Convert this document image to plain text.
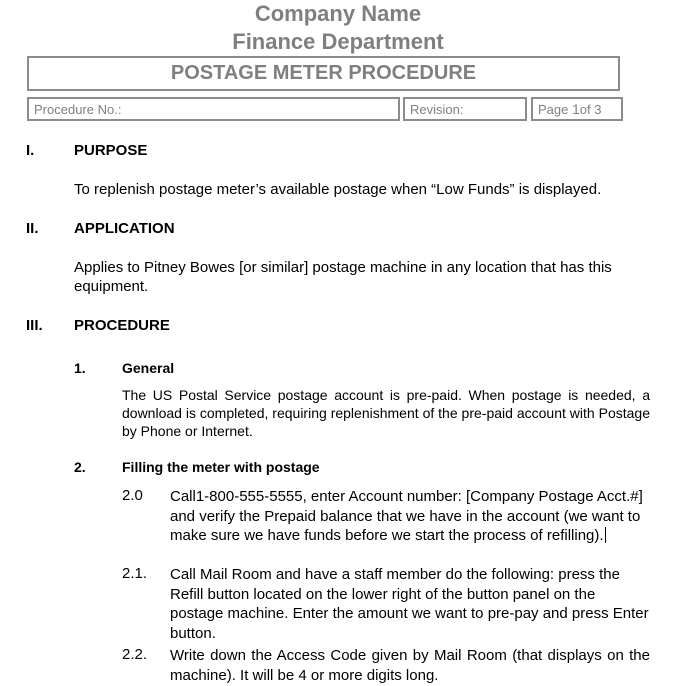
Company Name
Finance Department
POSTAGE METER PROCEDURE
Procedure No.:	Revision:	Page
1 of 3
I.	PURPOSE
To replenish postage meter’s available postage when “Low Funds” is displayed.
II. APPLICATION
Applies to Pitney Bowes [or similar] postage machine in any location that has this equipment.
III. PROCEDURE
1.	General
The US Postal Service postage account is pre-paid. When postage is needed, a download is completed, requiring replenishment of the pre-paid account with Postage by Phone or Internet.
2.	Filling the meter with postage
2.0 Call1-800-555-5555, enter Account number: [Company Postage Acct.#] and verify the Prepaid balance that we have in the account (we want to make sure we have funds before we start the process of refilling).
2.1. Call Mail Room and have a staff member do the following: press the Refill button located on the lower right of the button panel on the postage machine. Enter the amount we want to pre-pay and press Enter button.
2.2. Write down the Access Code given by Mail Room (that displays on the machine). It will be 4 or more digits long.
